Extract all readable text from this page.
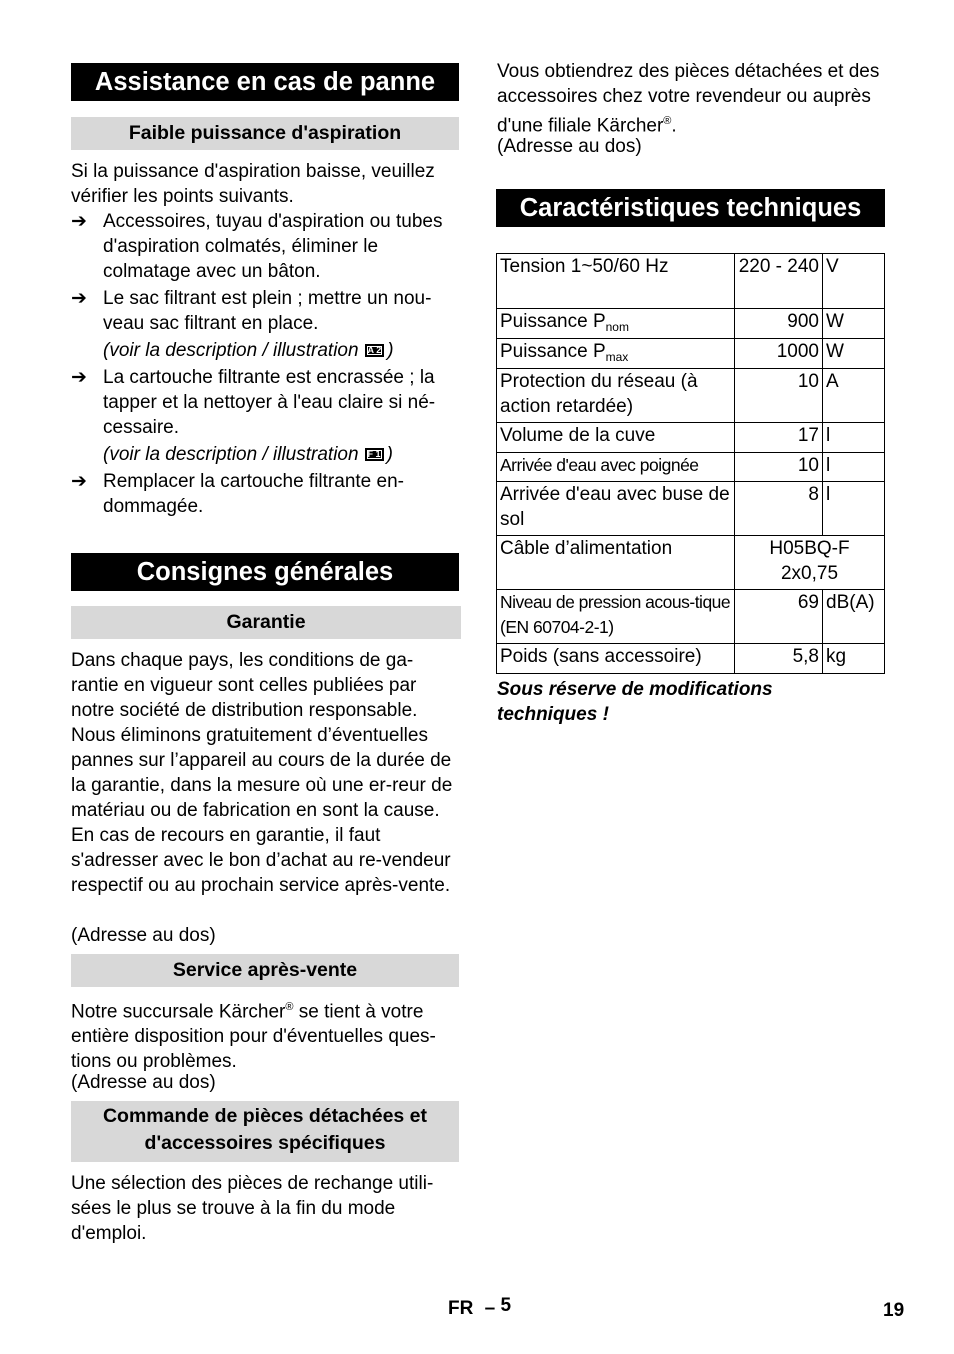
Assistance en cas de panne
Faible puissance d'aspiration
Si la puissance d'aspiration baisse, veuillez vérifier les points suivants.
➔ Accessoires, tuyau d'aspiration ou tubes d'aspiration colmatés, éliminer le colmatage avec un bâton.
➔ Le sac filtrant est plein ; mettre un nou-veau sac filtrant en place.
(voir la description / illustration A 2 )
➔ La cartouche filtrante est encrassée ; la tapper et la nettoyer à l'eau claire si né-cessaire.
(voir la description / illustration F 1 )
➔ Remplacer la cartouche filtrante en-dommagée.
Consignes générales
Garantie
Dans chaque pays, les conditions de ga-rantie en vigueur sont celles publiées par notre société de distribution responsable. Nous éliminons gratuitement d’éventuelles pannes sur l’appareil au cours de la durée de la garantie, dans la mesure où une er-reur de matériau ou de fabrication en sont la cause. En cas de recours en garantie, il faut s'adresser avec le bon d’achat au re-vendeur respectif ou au prochain service après-vente.
(Adresse au dos)
Service après-vente
Notre succursale Kärcher® se tient à votre entière disposition pour d'éventuelles ques-tions ou problèmes.
(Adresse au dos)
Commande de pièces détachées et
d'accessoires spécifiques
Une sélection des pièces de rechange utili-sées le plus se trouve à la fin du mode d'emploi.
Vous obtiendrez des pièces détachées et des accessoires chez votre revendeur ou auprès d'une filiale Kärcher®.
(Adresse au dos)
Caractéristiques techniques
Tension 1~50/60 Hz	220 - 240	V
Puissance $P_{nom}$	900	W
Puissance $P_{max}$	1000	W
Protection du réseau (à action retardée)	10	A
Volume de la cuve	17	l
Arrivée d'eau avec poignée	10	l
Arrivée d'eau avec buse de sol	8	l
Câble d’alimentation	H05BQ-F 2x0,75	
Niveau de pression acous-tique (EN 60704-2-1)	69	dB(A)
Poids (sans accessoire)	5,8	kg
Sous réserve de modifications
techniques !
FR – 5	19
